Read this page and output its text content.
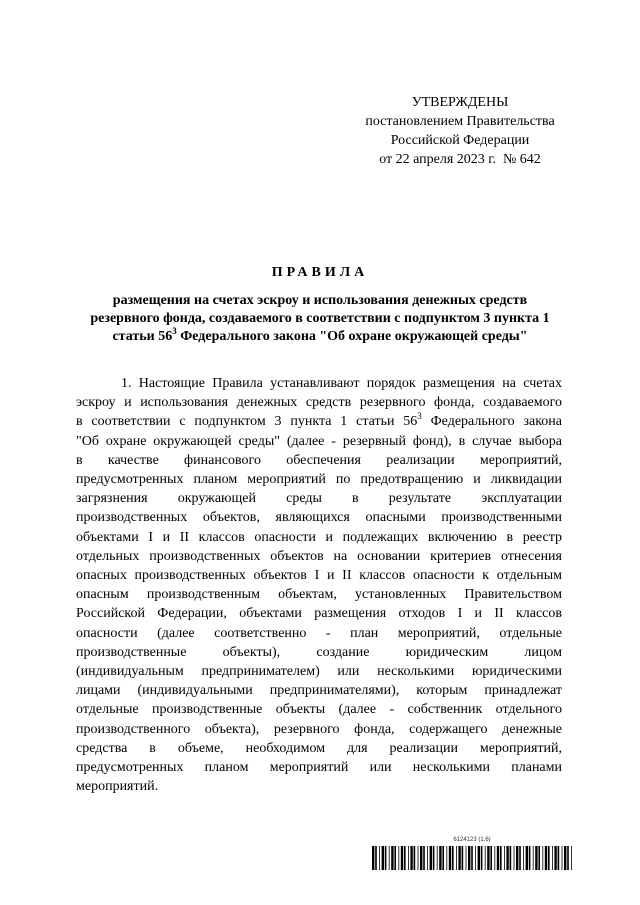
УТВЕРЖДЕНЫ
постановлением Правительства
Российской Федерации
от 22 апреля 2023 г.  № 642
ПРАВИЛА
размещения на счетах эскроу и использования денежных средств
резервного фонда, создаваемого в соответствии с подпунктом 3 пункта 1
статьи $56^3$ Федерального закона "Об охране окружающей среды"
1. Настоящие Правила устанавливают порядок размещения на счетах
эскроу и использования денежных средств резервного фонда, создаваемого
в соответствии с подпунктом 3 пункта 1 статьи $56^3$ Федерального закона
"Об охране окружающей среды" (далее - резервный фонд), в случае выбора
в качестве финансового обеспечения реализации мероприятий,
предусмотренных планом мероприятий по предотвращению и ликвидации
загрязнения окружающей среды в результате эксплуатации
производственных объектов, являющихся опасными производственными
объектами I и II классов опасности и подлежащих включению в реестр
отдельных производственных объектов на основании критериев отнесения
опасных производственных объектов I и II классов опасности к отдельным
опасным производственным объектам, установленных Правительством
Российской Федерации, объектами размещения отходов I и II классов
опасности (далее соответственно - план мероприятий, отдельные
производственные объекты), создание юридическим лицом
(индивидуальным предпринимателем) или несколькими юридическими
лицами (индивидуальными предпринимателями), которым принадлежат
отдельные производственные объекты (далее - собственник отдельного
производственного объекта), резервного фонда, содержащего денежные
средства в объеме, необходимом для реализации мероприятий,
предусмотренных планом мероприятий или несколькими планами
мероприятий.
6124123 (1.6)
